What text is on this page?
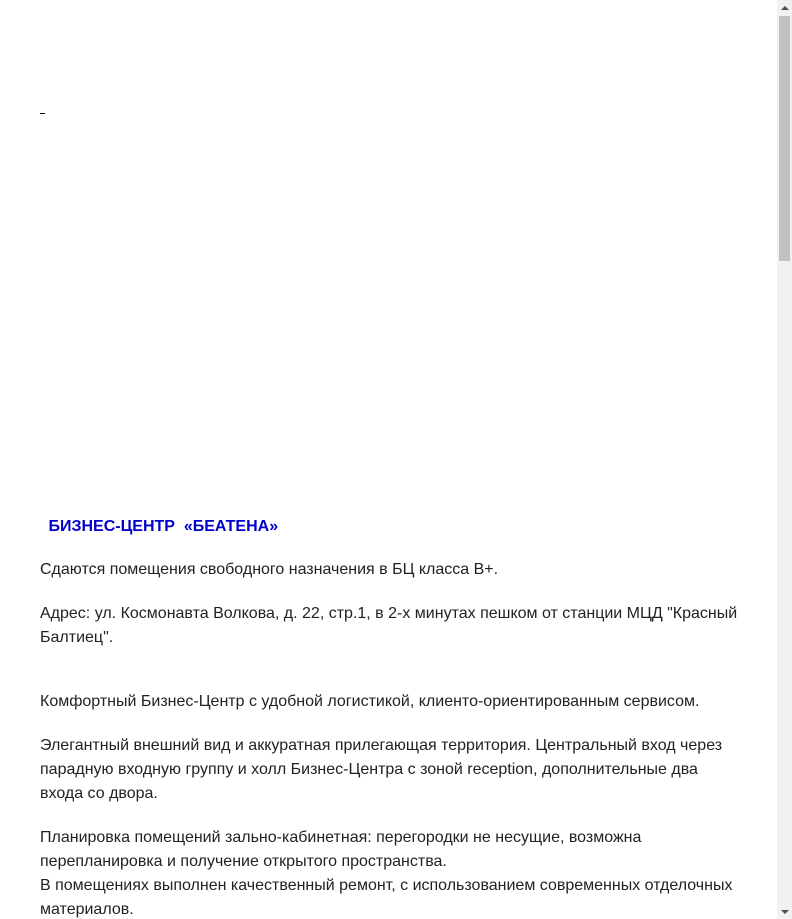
БИЗНЕС-ЦЕНТР  «БЕАТЕНА»

Сдаются помещения свободного назначения в БЦ класса В+.

Адрес: ул. Космонавта Волкова, д. 22, стр.1, в 2-х минутах пешком от станции МЦД "Красный Балтиец".

Комфортный Бизнес-Центр с удобной логистикой, клиенто-ориентированным сервисом.

Элегантный внешний вид и аккуратная прилегающая территория. Центральный вход через парадную входную группу и холл Бизнес-Центра с зоной reception, дополнительные два входа со двора.

Планировка помещений зально-кабинетная: перегородки не несущие, возможна перепланировка и получение открытого пространства.

В помещениях выполнен качественный ремонт, с использованием современных отделочных материалов.
